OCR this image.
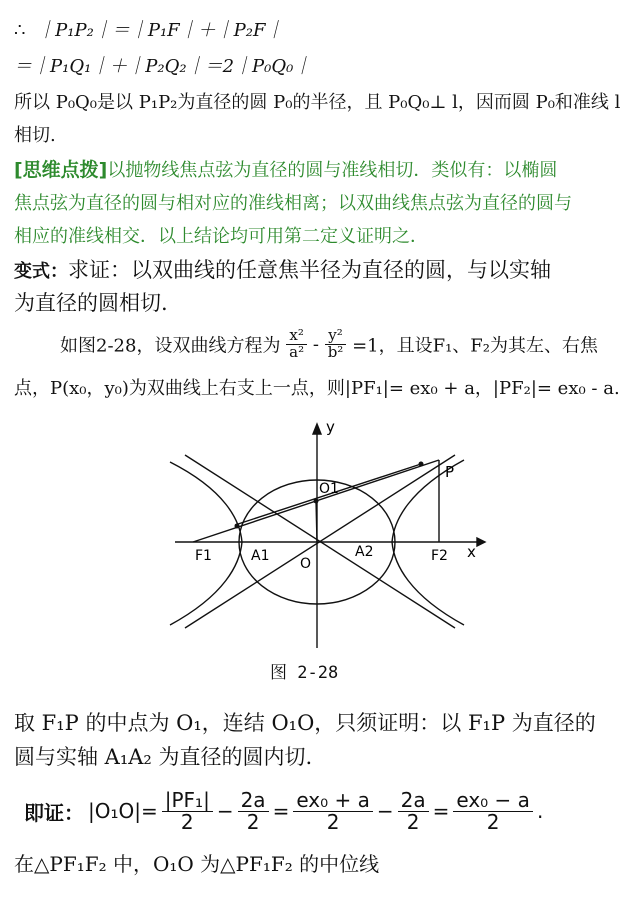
∴ ｜P₁P₂｜＝｜P₁F｜＋｜P₂F｜
＝｜P₁Q₁｜＋｜P₂Q₂｜＝2｜P₀Q₀｜
所以 P₀Q₀是以 P₁P₂为直径的圆 P₀的半径，且 P₀Q₀⊥ l，因而圆 P₀和准线 l
相切.
[思维点拨]以抛物线焦点弦为直径的圆与准线相切．类似有：以椭圆
焦点弦为直径的圆与相对应的准线相离；以双曲线焦点弦为直径的圆与
相应的准线相交．以上结论均可用第二定义证明之．
变式：求证：以双曲线的任意焦半径为直径的圆，与以实轴
为直径的圆相切.
如图2-28，设双曲线方程为 $\frac{\text{x²}}{\text{a²}} - \frac{\text{y²}}{\text{b²}} =1$，且设F₁、F₂为其左、右焦
点，P(x₀，y₀)为双曲线上右支上一点，则|PF₁|= ex₀ + a，|PF₂|= ex₀ - a.
y
x
P
O1
F1	A1	A2	F2
O
图 2-28
取 F₁P 的中点为 O₁，连结 O₁O，只须证明：以 F₁P 为直径的
圆与实轴 A₁A₂ 为直径的圆内切.
即证： $|O_1O|= \frac{\text{|PF₁|}}{2} - \frac{2a}{2} = \frac{\text{ex₀ + a}}{2} - \frac{2a}{2} = \frac{\text{ex₀ − a}}{2}$ .
在△PF₁F₂ 中，O₁O 为△PF₁F₂ 的中位线
